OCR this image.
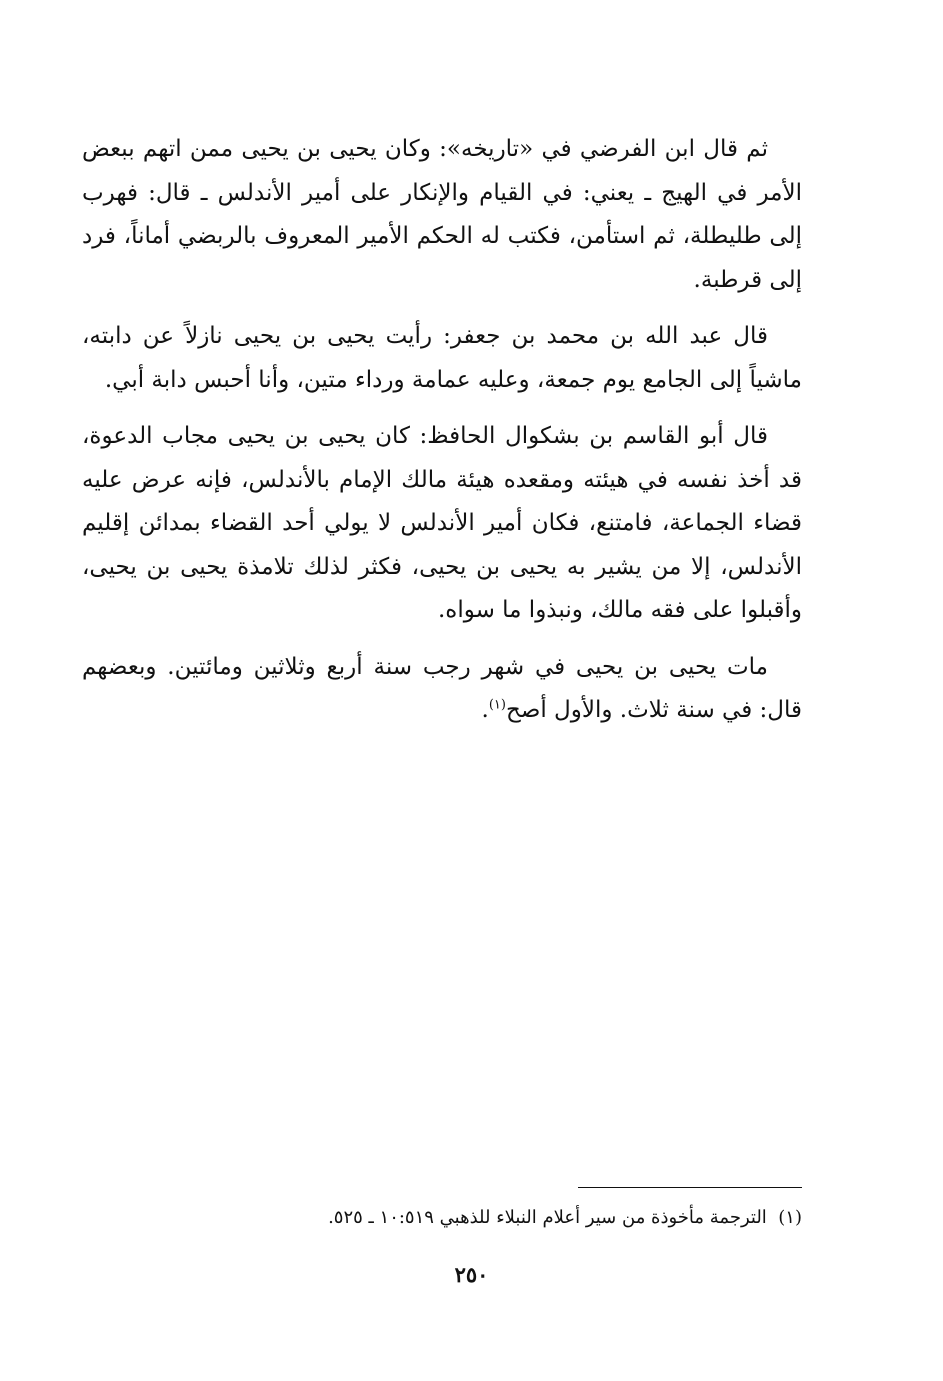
ثم قال ابن الفرضي في «تاريخه»: وكان يحيى بن يحيى ممن اتهم ببعض الأمر في الهيج ـ يعني: في القيام والإنكار على أمير الأندلس ـ قال: فهرب إلى طليطلة، ثم استأمن، فكتب له الحكم الأمير المعروف بالربضي أماناً، فرد إلى قرطبة.

قال عبد الله بن محمد بن جعفر: رأيت يحيى بن يحيى نازلاً عن دابته، ماشياً إلى الجامع يوم جمعة، وعليه عمامة ورداء متين، وأنا أحبس دابة أبي.

قال أبو القاسم بن بشكوال الحافظ: كان يحيى بن يحيى مجاب الدعوة، قد أخذ نفسه في هيئته ومقعده هيئة مالك الإمام بالأندلس، فإنه عرض عليه قضاء الجماعة، فامتنع، فكان أمير الأندلس لا يولي أحد القضاء بمدائن إقليم الأندلس، إلا من يشير به يحيى بن يحيى، فكثر لذلك تلامذة يحيى بن يحيى، وأقبلوا على فقه مالك، ونبذوا ما سواه.

مات يحيى بن يحيى في شهر رجب سنة أربع وثلاثين ومائتين. وبعضهم قال: في سنة ثلاث. والأول أصح$^{(١)}$.

(١)  الترجمة مأخوذة من سير أعلام النبلاء للذهبي ١٠:٥١٩ ـ ٥٢٥.
٢٥٠
